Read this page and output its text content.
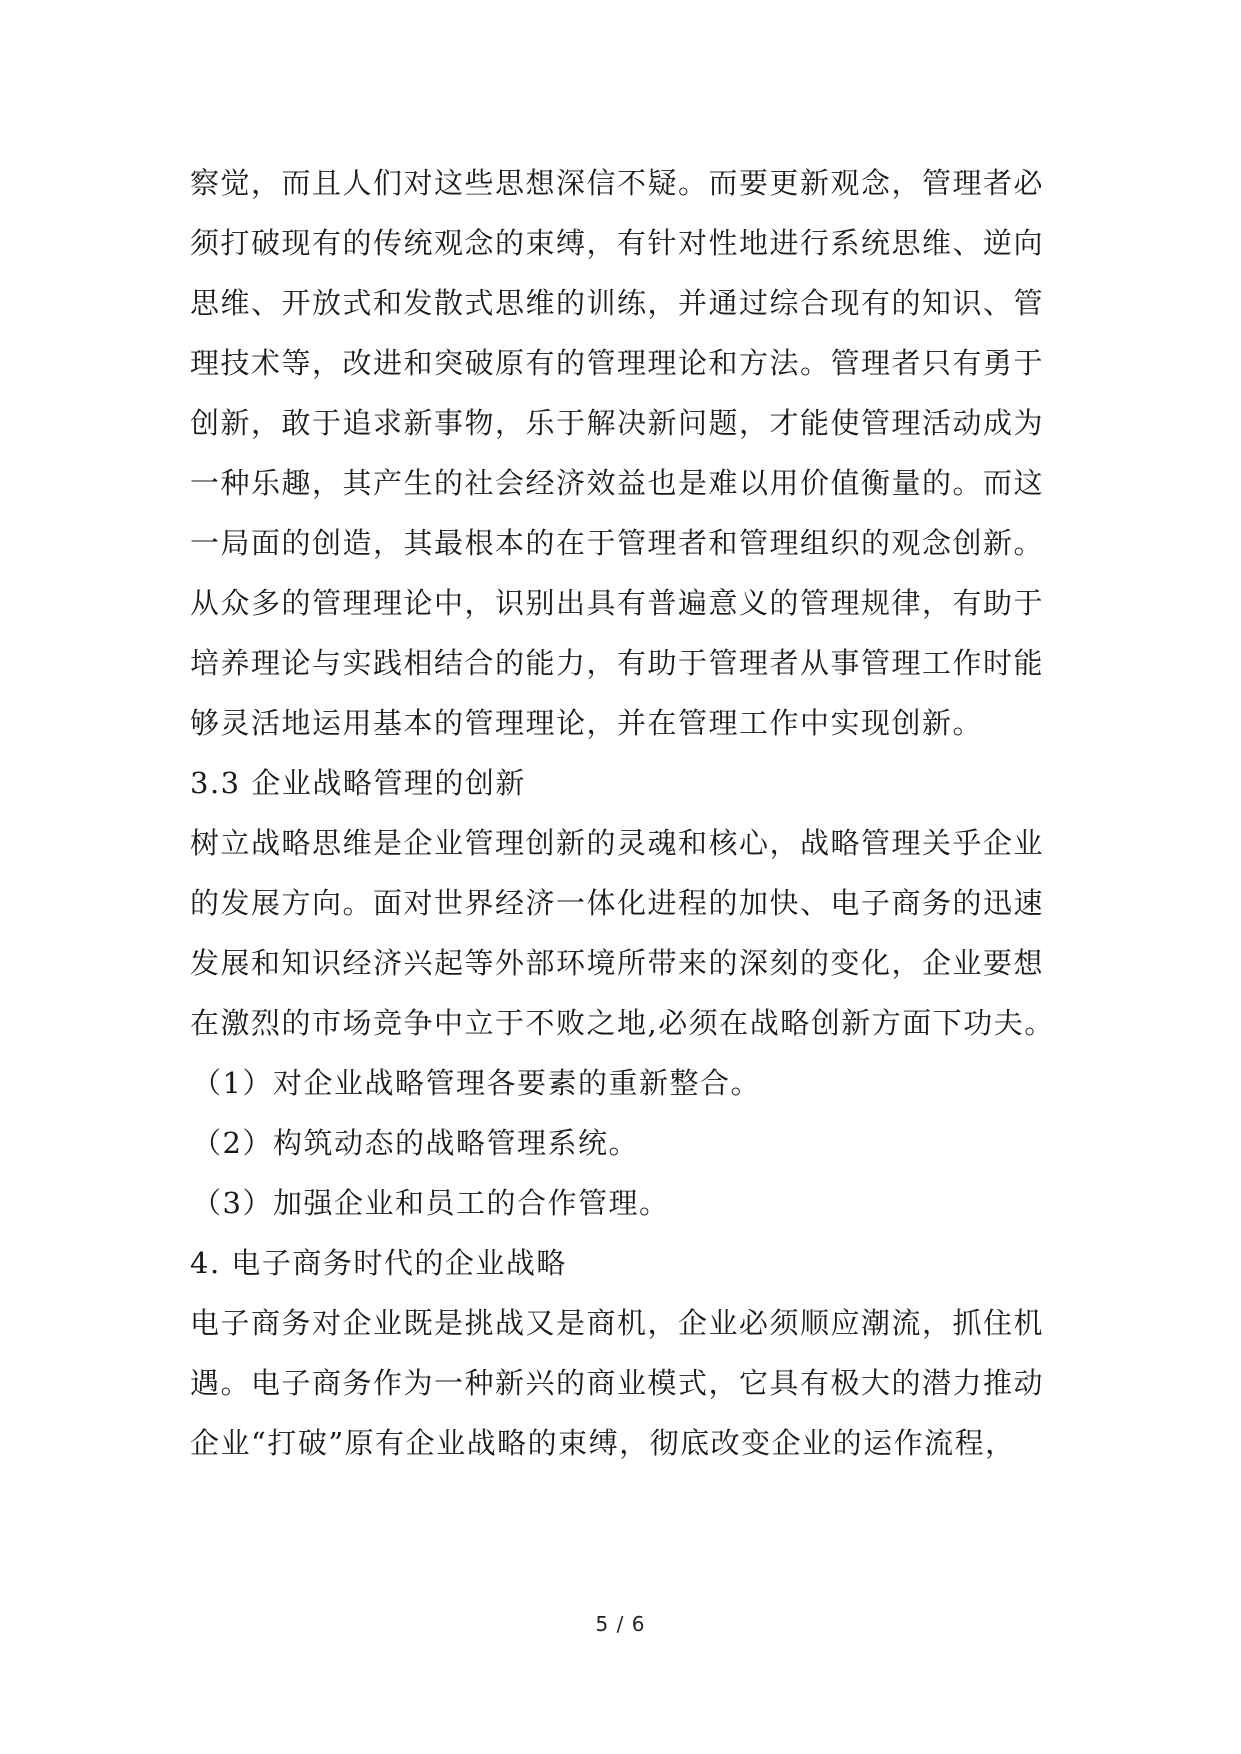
察觉，而且人们对这些思想深信不疑。而要更新观念，管理者必
须打破现有的传统观念的束缚，有针对性地进行系统思维、逆向
思维、开放式和发散式思维的训练，并通过综合现有的知识、管
理技术等，改进和突破原有的管理理论和方法。管理者只有勇于
创新，敢于追求新事物，乐于解决新问题，才能使管理活动成为
一种乐趣，其产生的社会经济效益也是难以用价值衡量的。而这
一局面的创造，其最根本的在于管理者和管理组织的观念创新。
从众多的管理理论中，识别出具有普遍意义的管理规律，有助于
培养理论与实践相结合的能力，有助于管理者从事管理工作时能
够灵活地运用基本的管理理论，并在管理工作中实现创新。
3.3 企业战略管理的创新
树立战略思维是企业管理创新的灵魂和核心，战略管理关乎企业
的发展方向。面对世界经济一体化进程的加快、电子商务的迅速
发展和知识经济兴起等外部环境所带来的深刻的变化，企业要想
在激烈的市场竞争中立于不败之地,必须在战略创新方面下功夫。
（1）对企业战略管理各要素的重新整合。
（2）构筑动态的战略管理系统。
（3）加强企业和员工的合作管理。
4. 电子商务时代的企业战略
电子商务对企业既是挑战又是商机，企业必须顺应潮流，抓住机
遇。电子商务作为一种新兴的商业模式，它具有极大的潜力推动
企业“打破”原有企业战略的束缚，彻底改变企业的运作流程，
5 / 6
